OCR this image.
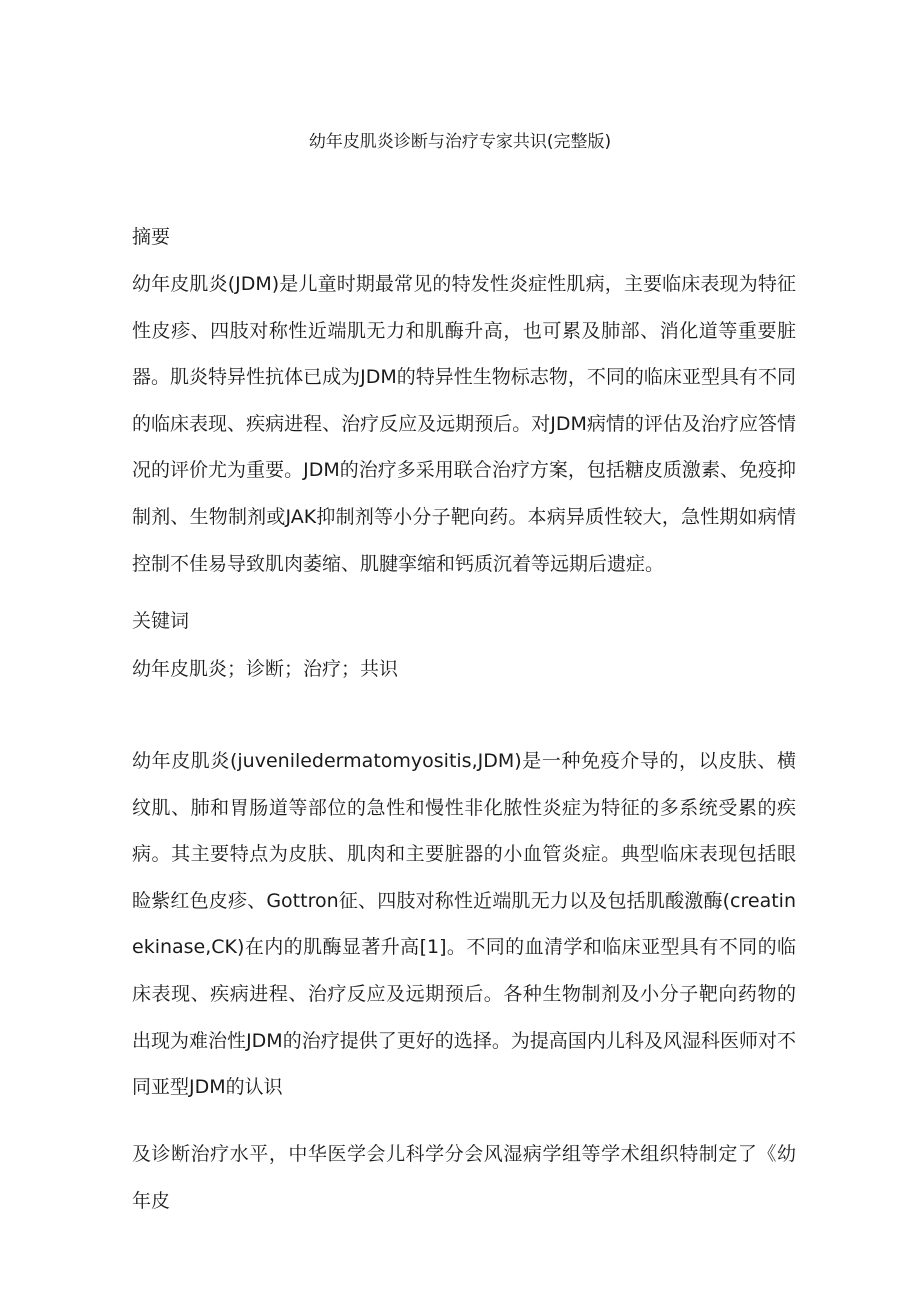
幼年皮肌炎诊断与治疗专家共识(完整版)
摘要

幼年皮肌炎(JDM)是儿童时期最常见的特发性炎症性肌病，主要临床表现为特征性皮疹、四肢对称性近端肌无力和肌酶升高，也可累及肺部、消化道等重要脏器。肌炎特异性抗体已成为JDM的特异性生物标志物，不同的临床亚型具有不同的临床表现、疾病进程、治疗反应及远期预后。对JDM病情的评估及治疗应答情况的评价尤为重要。JDM的治疗多采用联合治疗方案，包括糖皮质激素、免疫抑制剂、生物制剂或JAK抑制剂等小分子靶向药。本病异质性较大，急性期如病情控制不佳易导致肌肉萎缩、肌腱挛缩和钙质沉着等远期后遗症。

关键词

幼年皮肌炎；诊断；治疗；共识

幼年皮肌炎(juveniledermatomyositis,JDM)是一种免疫介导的，以皮肤、横纹肌、肺和胃肠道等部位的急性和慢性非化脓性炎症为特征的多系统受累的疾病。其主要特点为皮肤、肌肉和主要脏器的小血管炎症。典型临床表现包括眼睑紫红色皮疹、Gottron征、四肢对称性近端肌无力以及包括肌酸激酶(creatinekinase,CK)在内的肌酶显著升高[1]。不同的血清学和临床亚型具有不同的临床表现、疾病进程、治疗反应及远期预后。各种生物制剂及小分子靶向药物的出现为难治性JDM的治疗提供了更好的选择。为提高国内儿科及风湿科医师对不同亚型JDM的认识

及诊断治疗水平，中华医学会儿科学分会风湿病学组等学术组织特制定了《幼年皮
